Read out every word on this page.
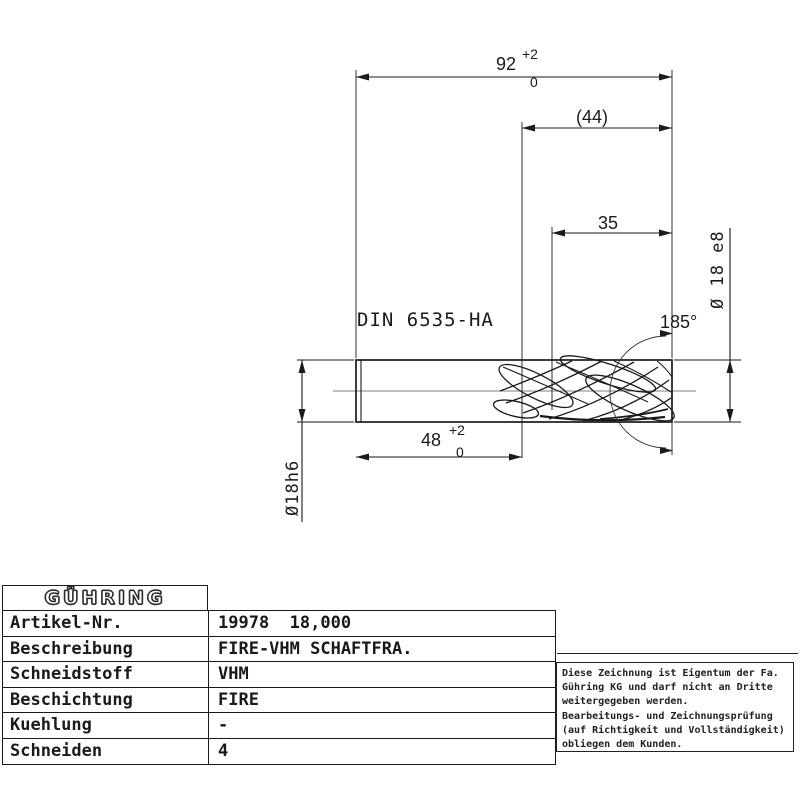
DIN 6535-HA
92 +2
0
(44)
35
48 +2
0
Ø18h6
Ø 18 e8
185°
GÜHRING
Artikel-Nr.	19978  18,000
Beschreibung	FIRE-VHM SCHAFTFRA.
Schneidstoff	VHM
Beschichtung	FIRE
Kuehlung	-
Schneiden	4
Diese Zeichnung ist Eigentum der Fa.
Gühring KG und darf nicht an Dritte
weitergegeben werden.
Bearbeitungs- und Zeichnungsprüfung
(auf Richtigkeit und Vollständigkeit)
obliegen dem Kunden.
